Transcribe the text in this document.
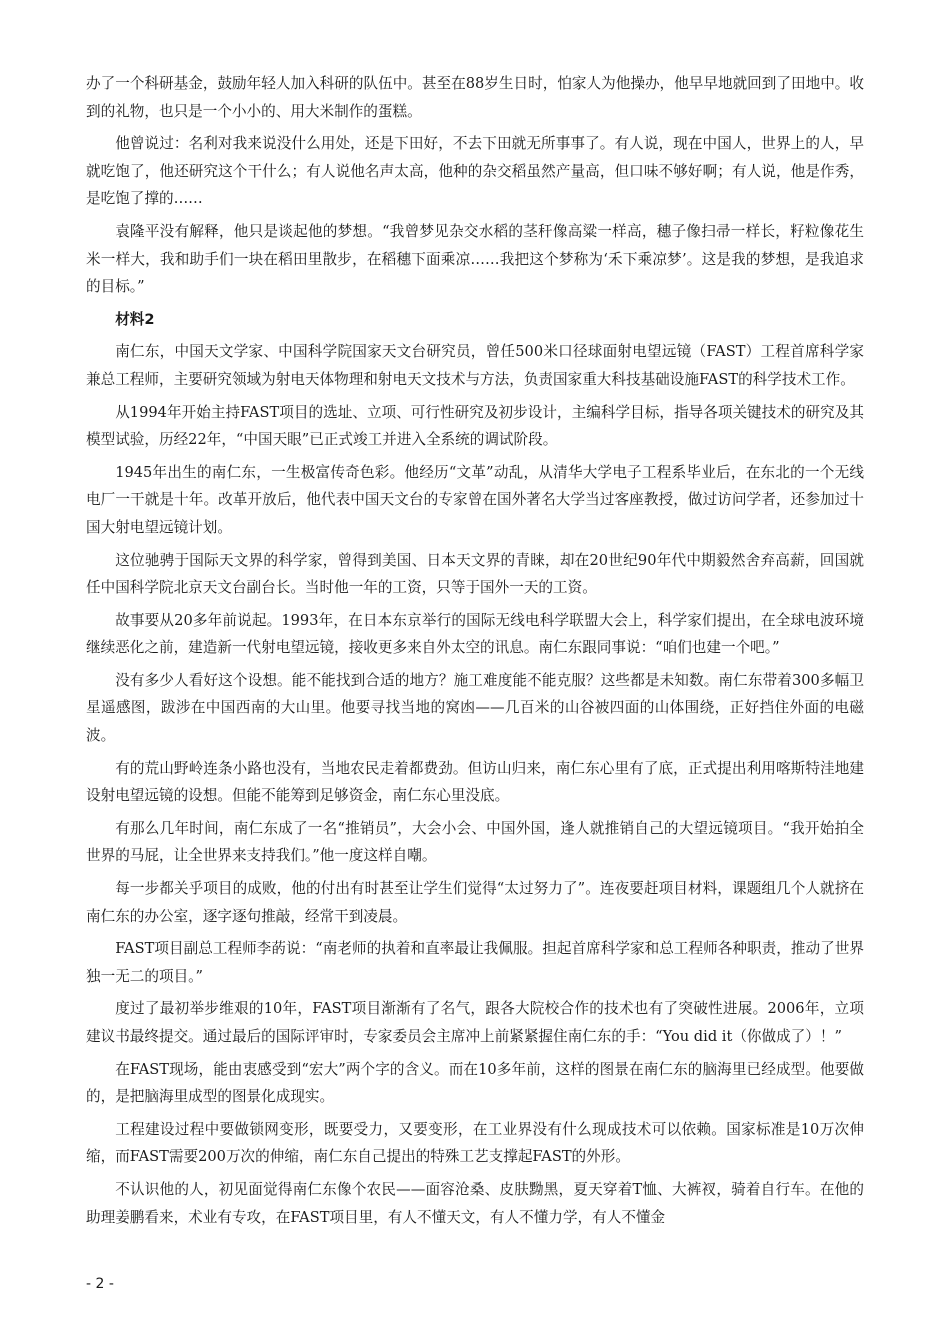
办了一个科研基金，鼓励年轻人加入科研的队伍中。甚至在88岁生日时，怕家人为他操办，他早早地就回到了田地中。收到的礼物，也只是一个小小的、用大米制作的蛋糕。

他曾说过：名利对我来说没什么用处，还是下田好，不去下田就无所事事了。有人说，现在中国人，世界上的人，早就吃饱了，他还研究这个干什么；有人说他名声太高，他种的杂交稻虽然产量高，但口味不够好啊；有人说，他是作秀，是吃饱了撑的……

袁隆平没有解释，他只是谈起他的梦想。“我曾梦见杂交水稻的茎秆像高粱一样高，穗子像扫帚一样长，籽粒像花生米一样大，我和助手们一块在稻田里散步，在稻穗下面乘凉……我把这个梦称为‘禾下乘凉梦’。这是我的梦想，是我追求的目标。”

材料2

南仁东，中国天文学家、中国科学院国家天文台研究员，曾任500米口径球面射电望远镜（FAST）工程首席科学家兼总工程师，主要研究领域为射电天体物理和射电天文技术与方法，负责国家重大科技基础设施FAST的科学技术工作。

从1994年开始主持FAST项目的选址、立项、可行性研究及初步设计，主编科学目标，指导各项关键技术的研究及其模型试验，历经22年，“中国天眼”已正式竣工并进入全系统的调试阶段。

1945年出生的南仁东，一生极富传奇色彩。他经历“文革”动乱，从清华大学电子工程系毕业后，在东北的一个无线电厂一干就是十年。改革开放后，他代表中国天文台的专家曾在国外著名大学当过客座教授，做过访问学者，还参加过十国大射电望远镜计划。

这位驰骋于国际天文界的科学家，曾得到美国、日本天文界的青睐，却在20世纪90年代中期毅然舍弃高薪，回国就任中国科学院北京天文台副台长。当时他一年的工资，只等于国外一天的工资。

故事要从20多年前说起。1993年，在日本东京举行的国际无线电科学联盟大会上，科学家们提出，在全球电波环境继续恶化之前，建造新一代射电望远镜，接收更多来自外太空的讯息。南仁东跟同事说：“咱们也建一个吧。”

没有多少人看好这个设想。能不能找到合适的地方？施工难度能不能克服？这些都是未知数。南仁东带着300多幅卫星遥感图，跋涉在中国西南的大山里。他要寻找当地的窝凼——几百米的山谷被四面的山体围绕，正好挡住外面的电磁波。

有的荒山野岭连条小路也没有，当地农民走着都费劲。但访山归来，南仁东心里有了底，正式提出利用喀斯特洼地建设射电望远镜的设想。但能不能筹到足够资金，南仁东心里没底。

有那么几年时间，南仁东成了一名“推销员”，大会小会、中国外国，逢人就推销自己的大望远镜项目。“我开始拍全世界的马屁，让全世界来支持我们。”他一度这样自嘲。

每一步都关乎项目的成败，他的付出有时甚至让学生们觉得“太过努力了”。连夜要赶项目材料，课题组几个人就挤在南仁东的办公室，逐字逐句推敲，经常干到凌晨。

FAST项目副总工程师李菂说：“南老师的执着和直率最让我佩服。担起首席科学家和总工程师各种职责，推动了世界独一无二的项目。”

度过了最初举步维艰的10年，FAST项目渐渐有了名气，跟各大院校合作的技术也有了突破性进展。2006年，立项建议书最终提交。通过最后的国际评审时，专家委员会主席冲上前紧紧握住南仁东的手：“You did it（你做成了）！”

在FAST现场，能由衷感受到“宏大”两个字的含义。而在10多年前，这样的图景在南仁东的脑海里已经成型。他要做的，是把脑海里成型的图景化成现实。

工程建设过程中要做锁网变形，既要受力，又要变形，在工业界没有什么现成技术可以依赖。国家标准是10万次伸缩，而FAST需要200万次的伸缩，南仁东自己提出的特殊工艺支撑起FAST的外形。

不认识他的人，初见面觉得南仁东像个农民——面容沧桑、皮肤黝黑，夏天穿着T恤、大裤衩，骑着自行车。在他的助理姜鹏看来，术业有专攻，在FAST项目里，有人不懂天文，有人不懂力学，有人不懂金

- 2 -
